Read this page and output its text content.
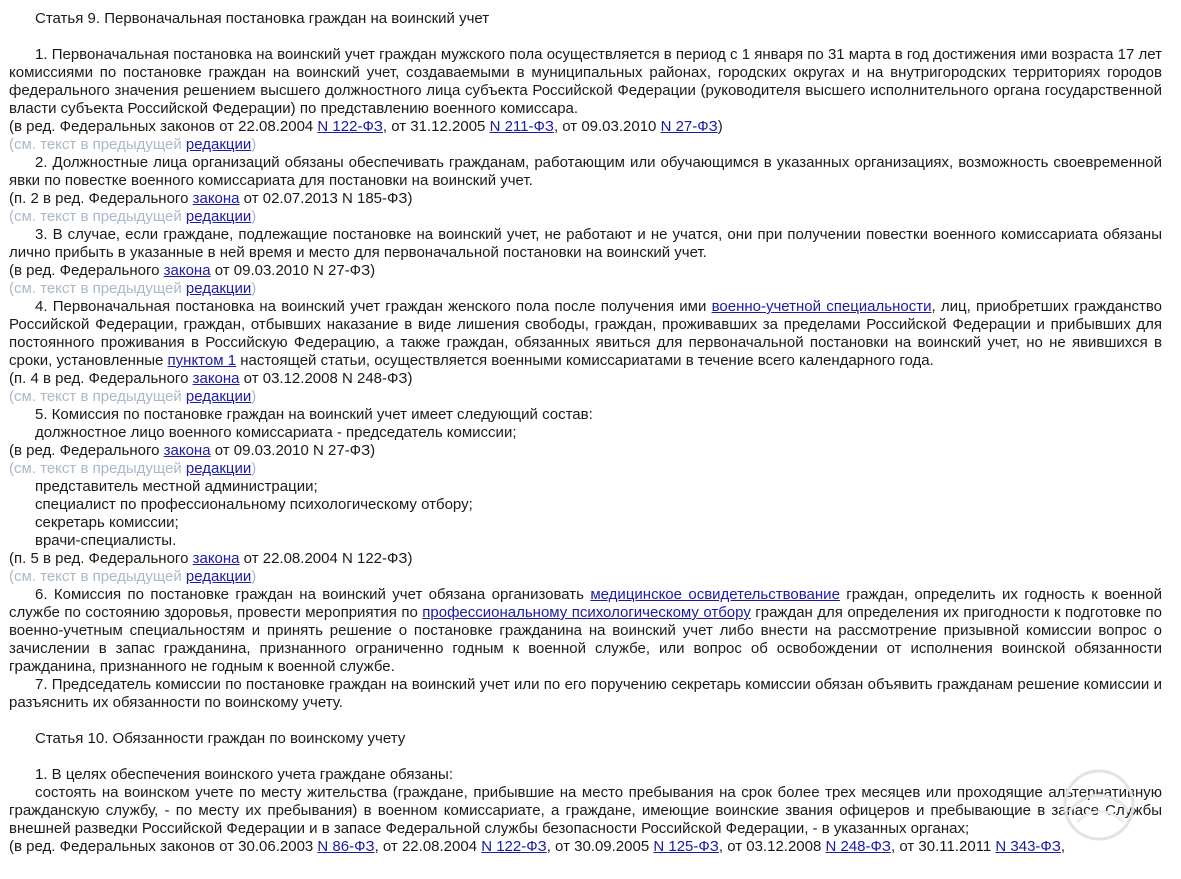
Статья 9. Первоначальная постановка граждан на воинский учет

1. Первоначальная постановка на воинский учет граждан мужского пола осуществляется в период с 1 января по 31 марта в год достижения ими возраста 17 лет комиссиями по постановке граждан на воинский учет, создаваемыми в муниципальных районах, городских округах и на внутригородских территориях городов федерального значения решением высшего должностного лица субъекта Российской Федерации (руководителя высшего исполнительного органа государственной власти субъекта Российской Федерации) по представлению военного комиссара.

(в ред. Федеральных законов от 22.08.2004 N 122-ФЗ, от 31.12.2005 N 211-ФЗ, от 09.03.2010 N 27-ФЗ)

(см. текст в предыдущей редакции)

2. Должностные лица организаций обязаны обеспечивать гражданам, работающим или обучающимся в указанных организациях, возможность своевременной явки по повестке военного комиссариата для постановки на воинский учет.

(п. 2 в ред. Федерального закона от 02.07.2013 N 185-ФЗ)

(см. текст в предыдущей редакции)

3. В случае, если граждане, подлежащие постановке на воинский учет, не работают и не учатся, они при получении повестки военного комиссариата обязаны лично прибыть в указанные в ней время и место для первоначальной постановки на воинский учет.

(в ред. Федерального закона от 09.03.2010 N 27-ФЗ)

(см. текст в предыдущей редакции)

4. Первоначальная постановка на воинский учет граждан женского пола после получения ими военно-учетной специальности, лиц, приобретших гражданство Российской Федерации, граждан, отбывших наказание в виде лишения свободы, граждан, проживавших за пределами Российской Федерации и прибывших для постоянного проживания в Российскую Федерацию, а также граждан, обязанных явиться для первоначальной постановки на воинский учет, но не явившихся в сроки, установленные пунктом 1 настоящей статьи, осуществляется военными комиссариатами в течение всего календарного года.

(п. 4 в ред. Федерального закона от 03.12.2008 N 248-ФЗ)

(см. текст в предыдущей редакции)

5. Комиссия по постановке граждан на воинский учет имеет следующий состав:

должностное лицо военного комиссариата - председатель комиссии;

(в ред. Федерального закона от 09.03.2010 N 27-ФЗ)

(см. текст в предыдущей редакции)

представитель местной администрации;

специалист по профессиональному психологическому отбору;

секретарь комиссии;

врачи-специалисты.

(п. 5 в ред. Федерального закона от 22.08.2004 N 122-ФЗ)

(см. текст в предыдущей редакции)

6. Комиссия по постановке граждан на воинский учет обязана организовать медицинское освидетельствование граждан, определить их годность к военной службе по состоянию здоровья, провести мероприятия по профессиональному психологическому отбору граждан для определения их пригодности к подготовке по военно-учетным специальностям и принять решение о постановке гражданина на воинский учет либо внести на рассмотрение призывной комиссии вопрос о зачислении в запас гражданина, признанного ограниченно годным к военной службе, или вопрос об освобождении от исполнения воинской обязанности гражданина, признанного не годным к военной службе.

7. Председатель комиссии по постановке граждан на воинский учет или по его поручению секретарь комиссии обязан объявить гражданам решение комиссии и разъяснить их обязанности по воинскому учету.

Статья 10. Обязанности граждан по воинскому учету

1. В целях обеспечения воинского учета граждане обязаны:

состоять на воинском учете по месту жительства (граждане, прибывшие на место пребывания на срок более трех месяцев или проходящие альтернативную гражданскую службу, - по месту их пребывания) в военном комиссариате, а граждане, имеющие воинские звания офицеров и пребывающие в запасе Службы внешней разведки Российской Федерации и в запасе Федеральной службы безопасности Российской Федерации, - в указанных органах;

(в ред. Федеральных законов от 30.06.2003 N 86-ФЗ, от 22.08.2004 N 122-ФЗ, от 30.09.2005 N 125-ФЗ, от 03.12.2008 N 248-ФЗ, от 30.11.2011 N 343-ФЗ,
